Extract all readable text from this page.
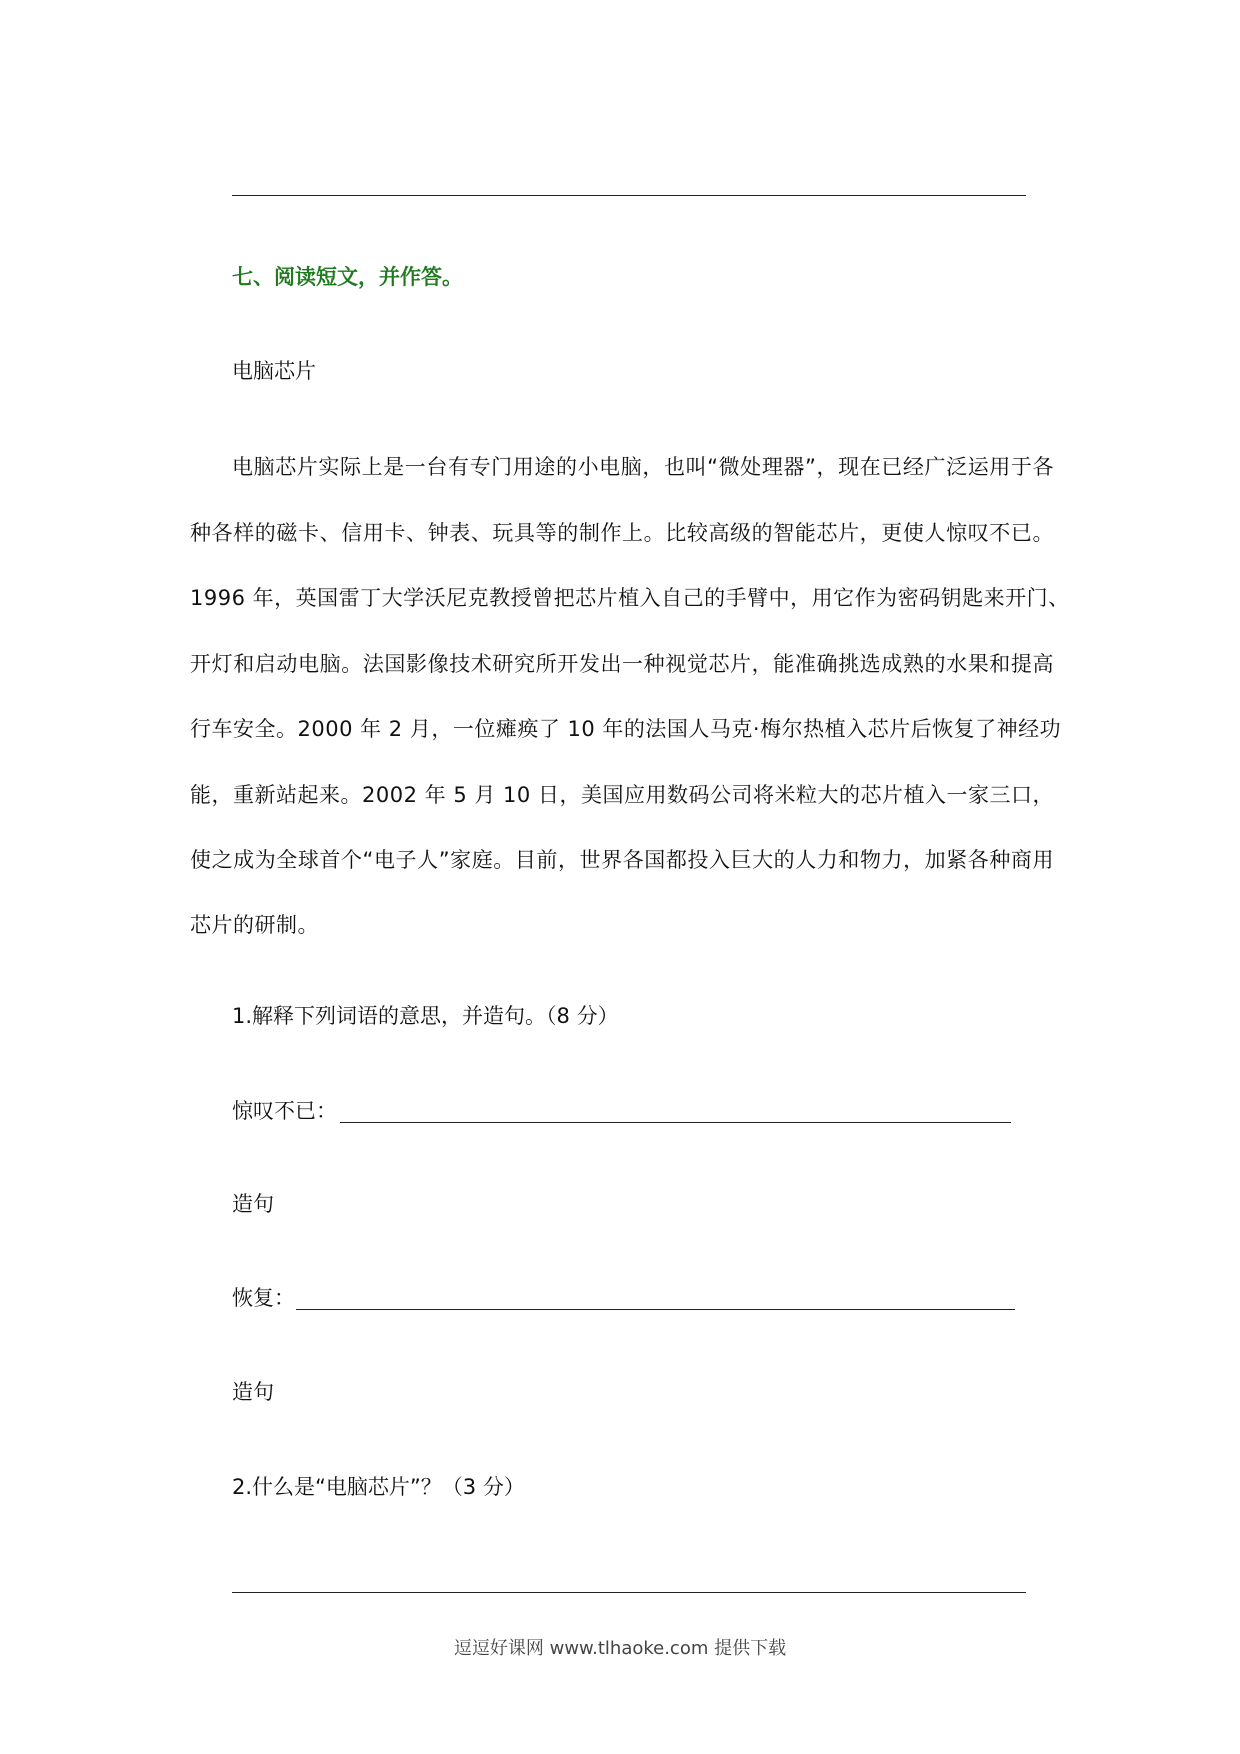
七、阅读短文，并作答。
电脑芯片
电脑芯片实际上是一台有专门用途的小电脑，也叫“微处理器”，现在已经广泛运用于各
种各样的磁卡、信用卡、钟表、玩具等的制作上。比较高级的智能芯片，更使人惊叹不已。
1996 年，英国雷丁大学沃尼克教授曾把芯片植入自己的手臂中，用它作为密码钥匙来开门、
开灯和启动电脑。法国影像技术研究所开发出一种视觉芯片，能准确挑选成熟的水果和提高
行车安全。2000 年 2 月，一位瘫痪了 10 年的法国人马克·梅尔热植入芯片后恢复了神经功
能，重新站起来。2002 年 5 月 10 日，美国应用数码公司将米粒大的芯片植入一家三口，
使之成为全球首个“电子人”家庭。目前，世界各国都投入巨大的人力和物力，加紧各种商用
芯片的研制。
1.解释下列词语的意思，并造句。（8 分）
惊叹不已：
造句
恢复：
造句
2.什么是“电脑芯片”？（3 分）
逗逗好课网 www.tlhaoke.com 提供下载
